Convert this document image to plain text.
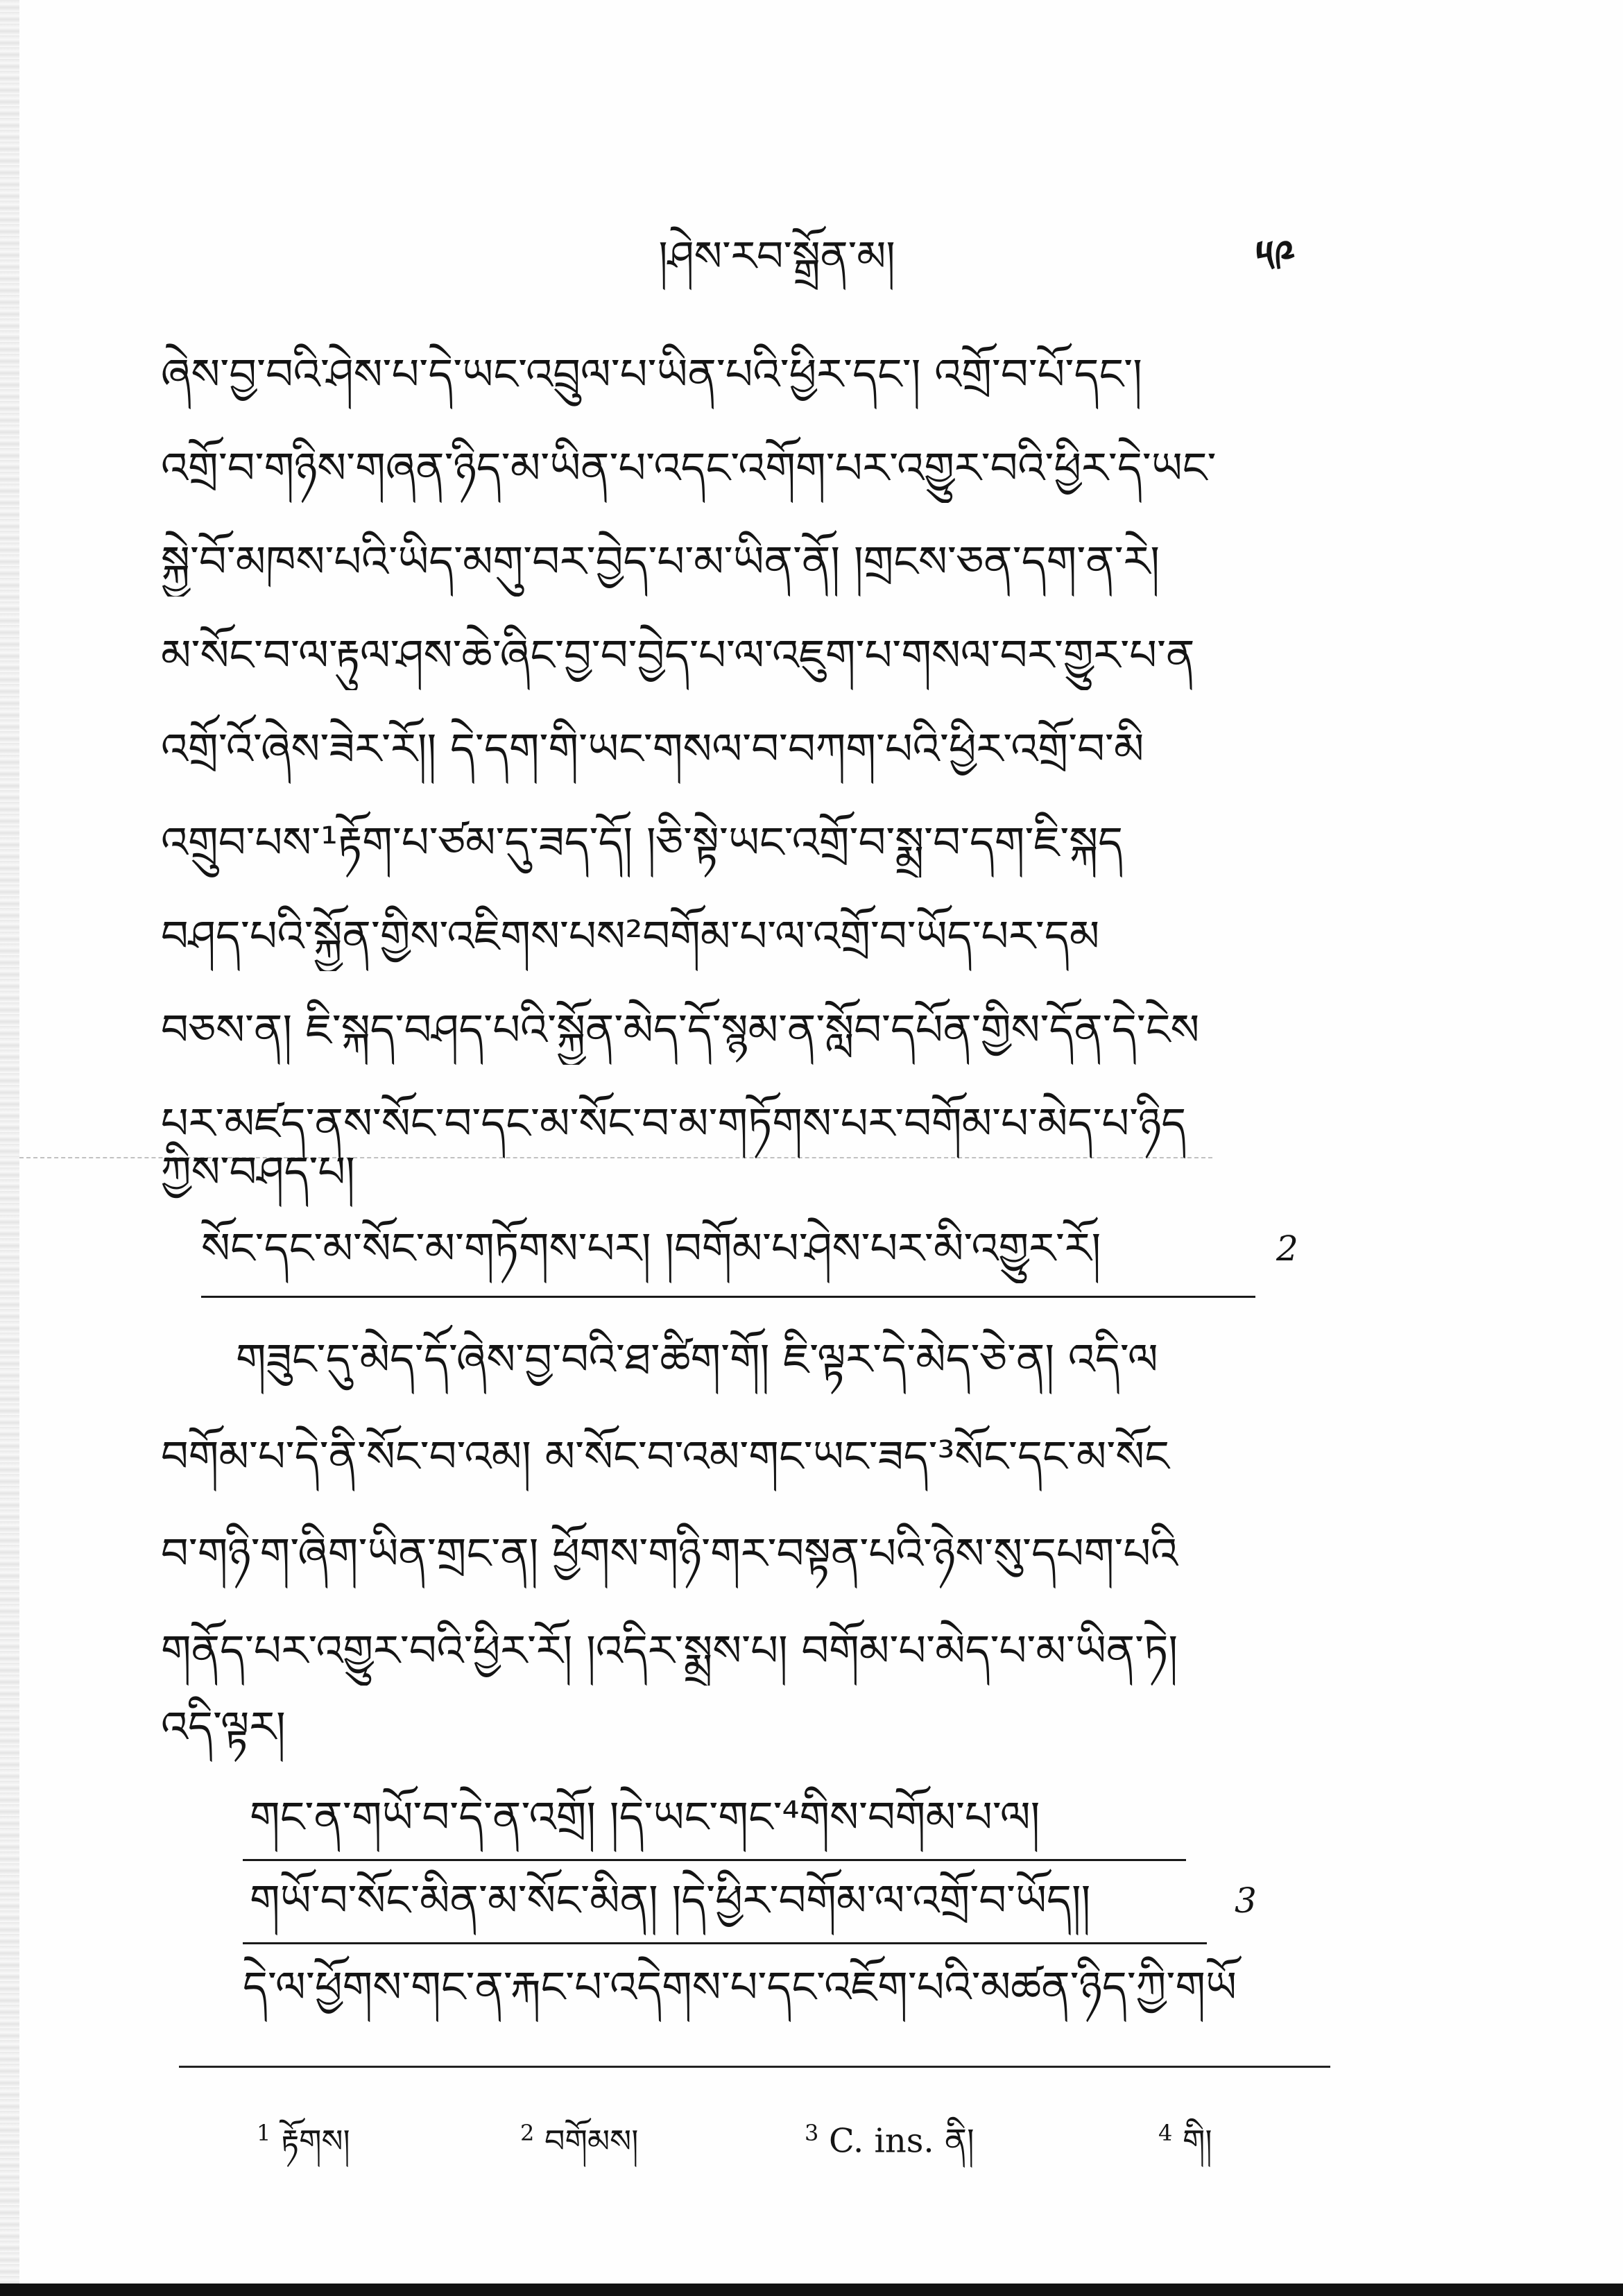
།ཤེས་རབ་སྒྲོན་མ།	༥༩
ཞེས་བྱ་བའི་ཤེས་པ་དེ་ཡང་འབྲུལ་པ་ཡིན་པའི་ཕྱིར་དང་། འགྲོ་བ་པོ་དང་།
འགྲོ་བ་གཉིས་གཞན་ཉིད་མ་ཡིན་པ་འདང་འགོག་པར་འགྱུར་བའི་ཕྱིར་དེ་ཡང་
སྐྱེ་བོ་མཁས་པའི་ཡིད་མགུ་བར་བྱེད་པ་མ་ཡིན་ནོ། །གྲངས་ཅན་དག་ན་རེ།
མ་སོང་བ་ལ་རྟུལ་ཤས་ཆེ་ཞིང་བྱ་བ་བྱེད་པ་ལ་འཇུག་པ་གསལ་བར་གྱུར་པ་ན
འགྲོ་འོ་ཞེས་ཟེར་རོ།། དེ་དག་གི་ཡང་གསལ་བ་བཀག་པའི་ཕྱིར་འགྲོ་བ་མི
འགྲུབ་པས་¹རྟོག་པ་ཙམ་དུ་ཟད་དོ། །ཅི་སྟེ་ཡང་འགྲོ་བ་སྨྲ་བ་དག་ཇི་སྐད
བཤད་པའི་སྐྱོན་གྱིས་འཇིགས་པས²བགོམ་པ་ལ་འགྲོ་བ་ཡོད་པར་དམ
བཅས་ན། ཇི་སྐད་བཤད་པའི་སྐྱོན་མེད་དོ་སྙམ་ན་སློབ་དཔོན་གྱིས་དོན་དེ་ངེས
པར་མཛད་ནས་སོང་བ་དང་མ་སོང་བ་མ་གཏོགས་པར་བགོམ་པ་མེད་པ་ཉིད
ཀྱིས་བཤད་པ།
སོང་དང་མ་སོང་མ་གཏོགས་པར། །བགོམ་པ་ཤེས་པར་མི་འགྱུར་རོ།	2
གཟུང་དུ་མེད་དོ་ཞེས་བྱ་བའི་ཐ་ཚིག་གོ། ཇི་ལྟར་དེ་མེད་ཅེ་ན། འདི་ལ
བགོམ་པ་དེ་ནི་སོང་བ་འམ། མ་སོང་བ་འམ་གང་ཡང་ཟད་³སོང་དང་མ་སོང
བ་གཉི་ག་ཞིག་ཡིན་གྲང་ན། ཕྱོགས་གཉི་གར་བསྟན་པའི་ཉེས་སུ་དཔག་པའི
གནོད་པར་འགྱུར་བའི་ཕྱིར་རོ། །འདིར་སྨྲས་པ། བགོམ་པ་མེད་པ་མ་ཡིན་ཏེ།
འདི་ལྟར།
གང་ན་གཡོ་བ་དེ་ན་འགྲོ། །དེ་ཡང་གང་⁴གིས་བགོམ་པ་ལ།
གཡོ་བ་སོང་མིན་མ་སོང་མིན། །དེ་ཕྱིར་བགོམ་ལ་འགྲོ་བ་ཡོད།།	3
དེ་ལ་ཕྱོགས་གང་ན་རྐང་པ་འདེགས་པ་དང་འཇོག་པའི་མཚན་ཉིད་ཀྱི་གཡོ
$^1$ རྟོགས།	$^2$ བགོམས།	$^3$ C. ins. ནི།	$^4$ གི།
